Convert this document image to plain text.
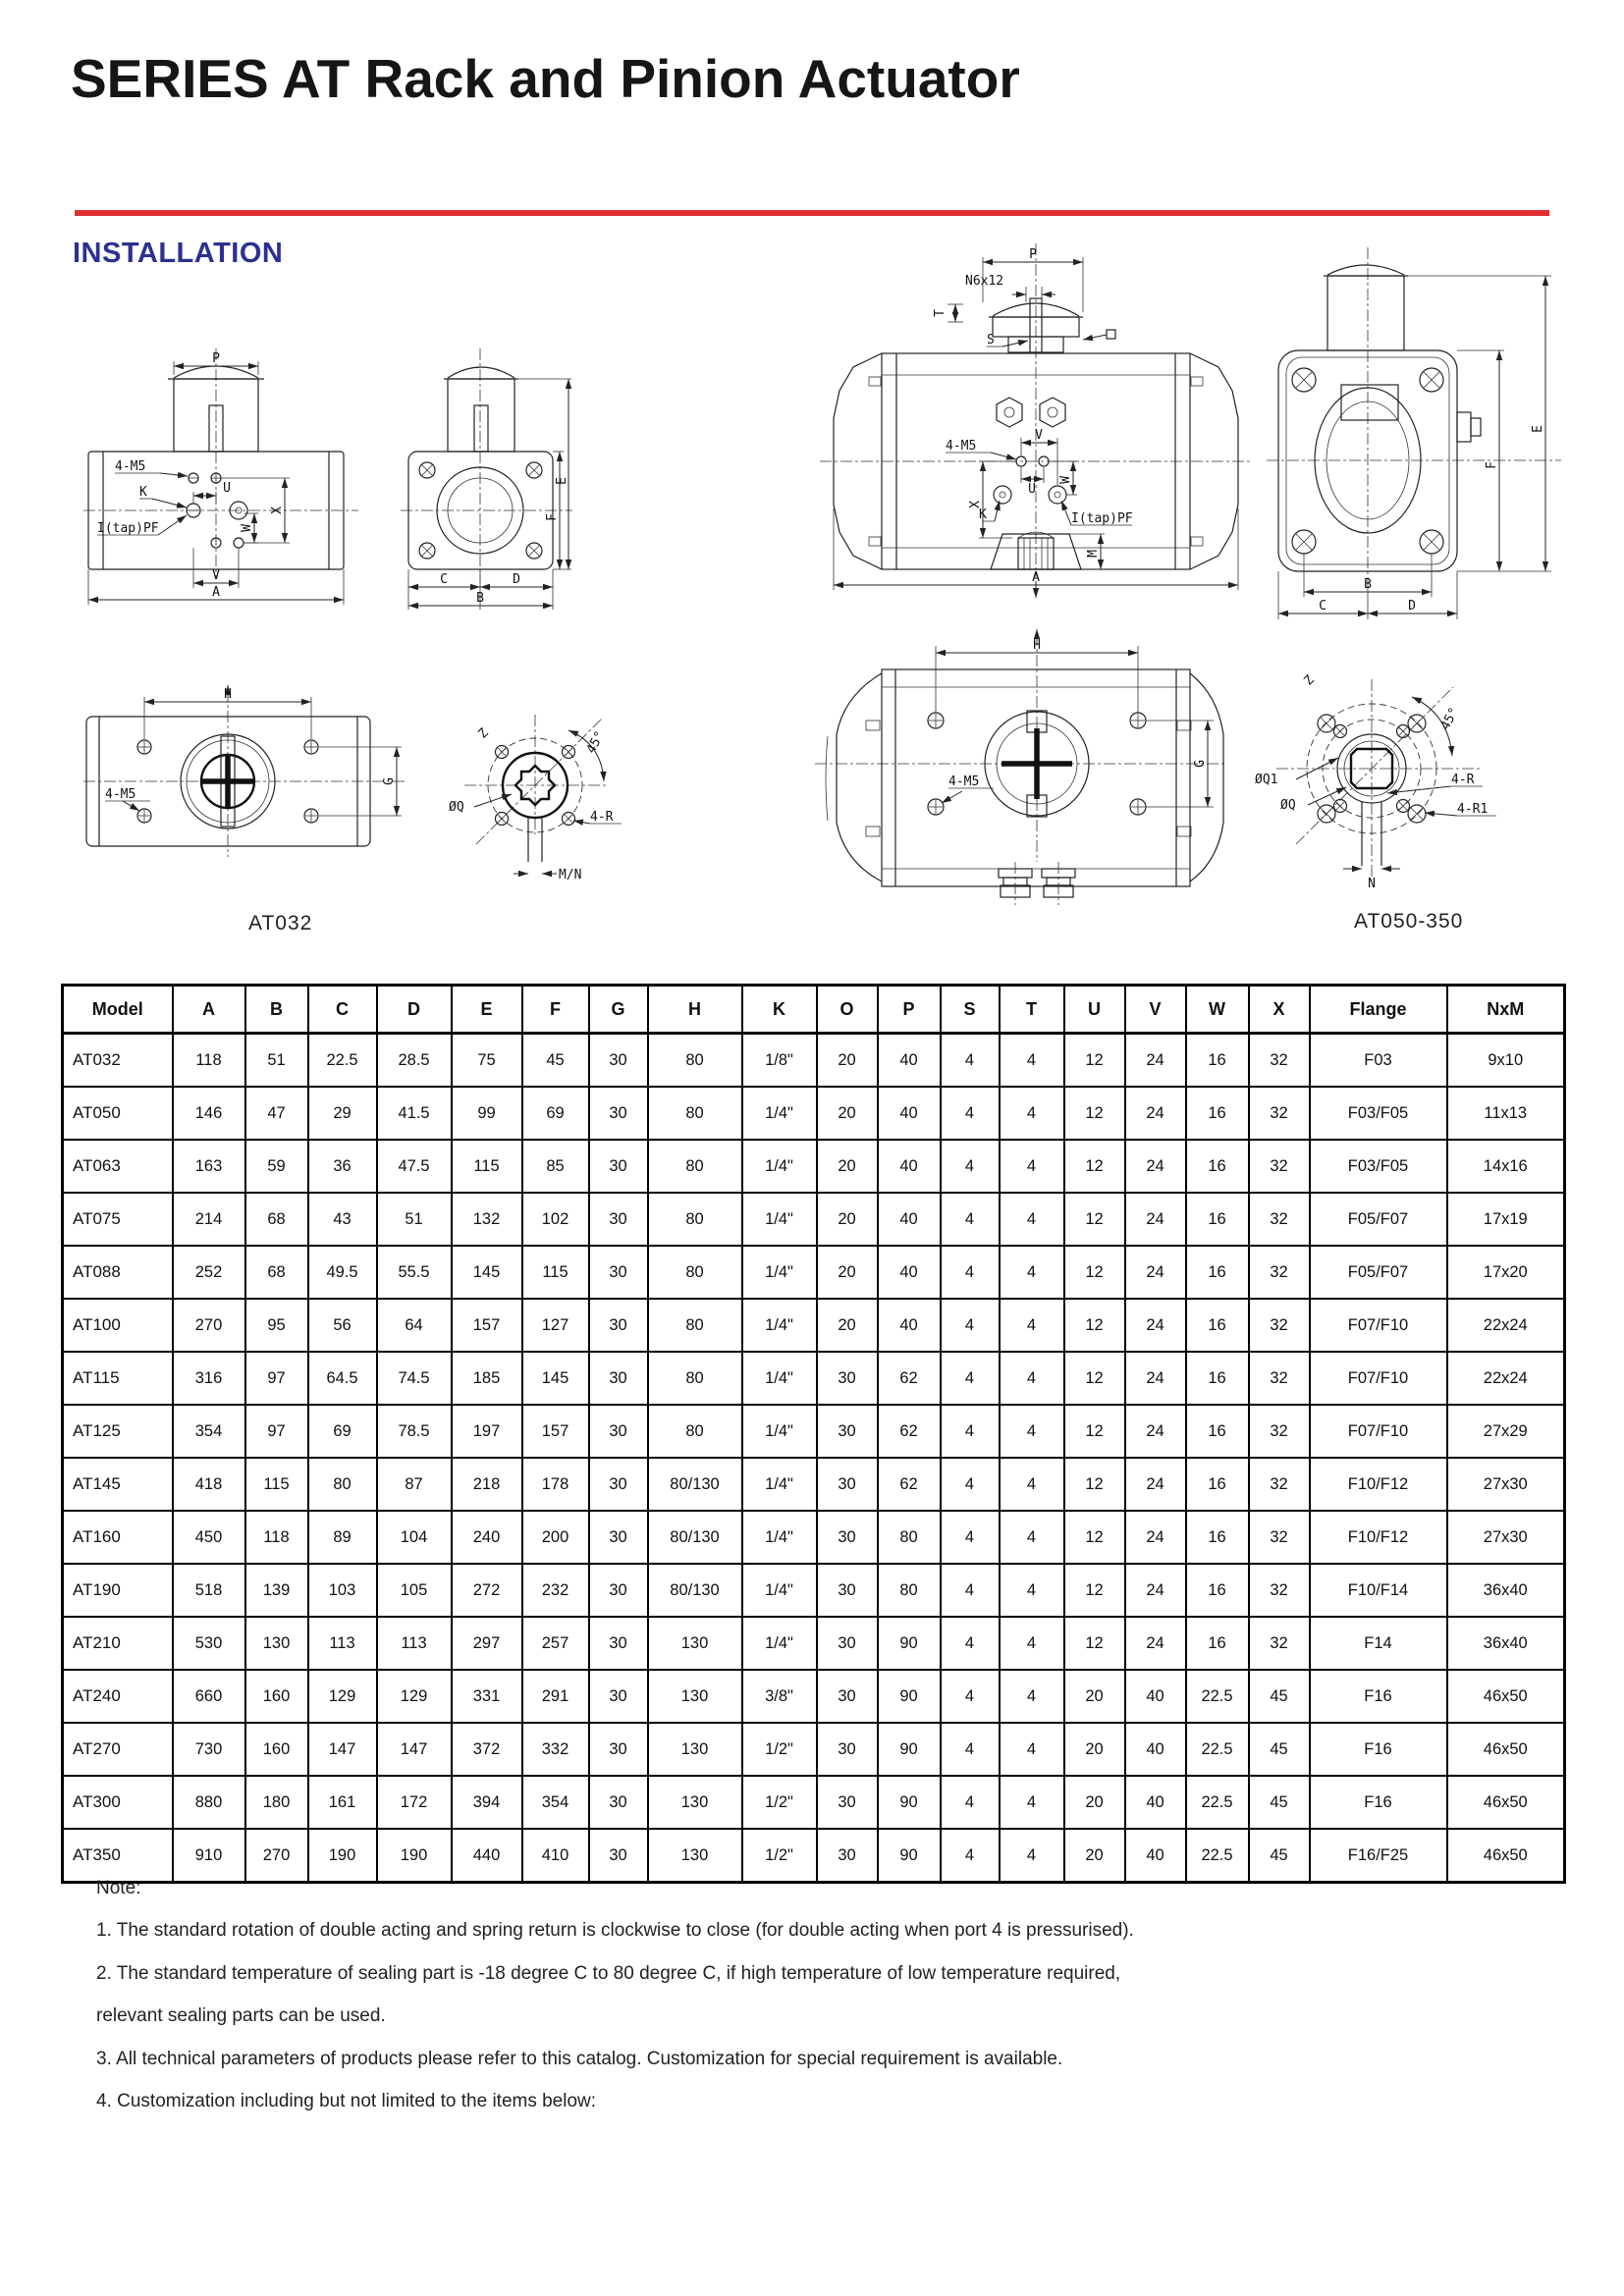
SERIES AT Rack and Pinion Actuator
INSTALLATION
P
4-M5
K
I(tap)PF
U
W
X
V
A
C	D
B
F
E
P
N6x12
T
S
V
4-M5
U
W
X
K	I(tap)PF
M
A	B
C	D
F
E
H
G
4-M5
Z	45°
ØQ
4-R
M/N
H
G
4-M5
Z
45°
ØQ1
ØQ
4-R
4-R1
N
AT032	AT050-350
Model	A	B	C	D	E	F	G	H	K	O	P	S	T	U	V	W	X	Flange	NxM
AT032	118	51	22.5	28.5	75	45	30	80	1/8"	20	40	4	4	12	24	16	32	F03	9x10
AT050	146	47	29	41.5	99	69	30	80	1/4"	20	40	4	4	12	24	16	32	F03/F05	11x13
AT063	163	59	36	47.5	115	85	30	80	1/4"	20	40	4	4	12	24	16	32	F03/F05	14x16
AT075	214	68	43	51	132	102	30	80	1/4"	20	40	4	4	12	24	16	32	F05/F07	17x19
AT088	252	68	49.5	55.5	145	115	30	80	1/4"	20	40	4	4	12	24	16	32	F05/F07	17x20
AT100	270	95	56	64	157	127	30	80	1/4"	20	40	4	4	12	24	16	32	F07/F10	22x24
AT115	316	97	64.5	74.5	185	145	30	80	1/4"	30	62	4	4	12	24	16	32	F07/F10	22x24
AT125	354	97	69	78.5	197	157	30	80	1/4"	30	62	4	4	12	24	16	32	F07/F10	27x29
AT145	418	115	80	87	218	178	30	80/130	1/4"	30	62	4	4	12	24	16	32	F10/F12	27x30
AT160	450	118	89	104	240	200	30	80/130	1/4"	30	80	4	4	12	24	16	32	F10/F12	27x30
AT190	518	139	103	105	272	232	30	80/130	1/4"	30	80	4	4	12	24	16	32	F10/F14	36x40
AT210	530	130	113	113	297	257	30	130	1/4"	30	90	4	4	12	24	16	32	F14	36x40
AT240	660	160	129	129	331	291	30	130	3/8"	30	90	4	4	20	40	22.5	45	F16	46x50
AT270	730	160	147	147	372	332	30	130	1/2"	30	90	4	4	20	40	22.5	45	F16	46x50
AT300	880	180	161	172	394	354	30	130	1/2"	30	90	4	4	20	40	22.5	45	F16	46x50
AT350	910	270	190	190	440	410	30	130	1/2"	30	90	4	4	20	40	22.5	45	F16/F25	46x50
Note:
1. The standard rotation of double acting and spring return is clockwise to close (for double acting when port 4 is pressurised).
2. The standard temperature of sealing part is -18 degree C to 80 degree C, if high temperature of low temperature required,
relevant sealing parts can be used.
3. All technical parameters of products please refer to this catalog. Customization for special requirement is available.
4. Customization including but not limited to the items below:
